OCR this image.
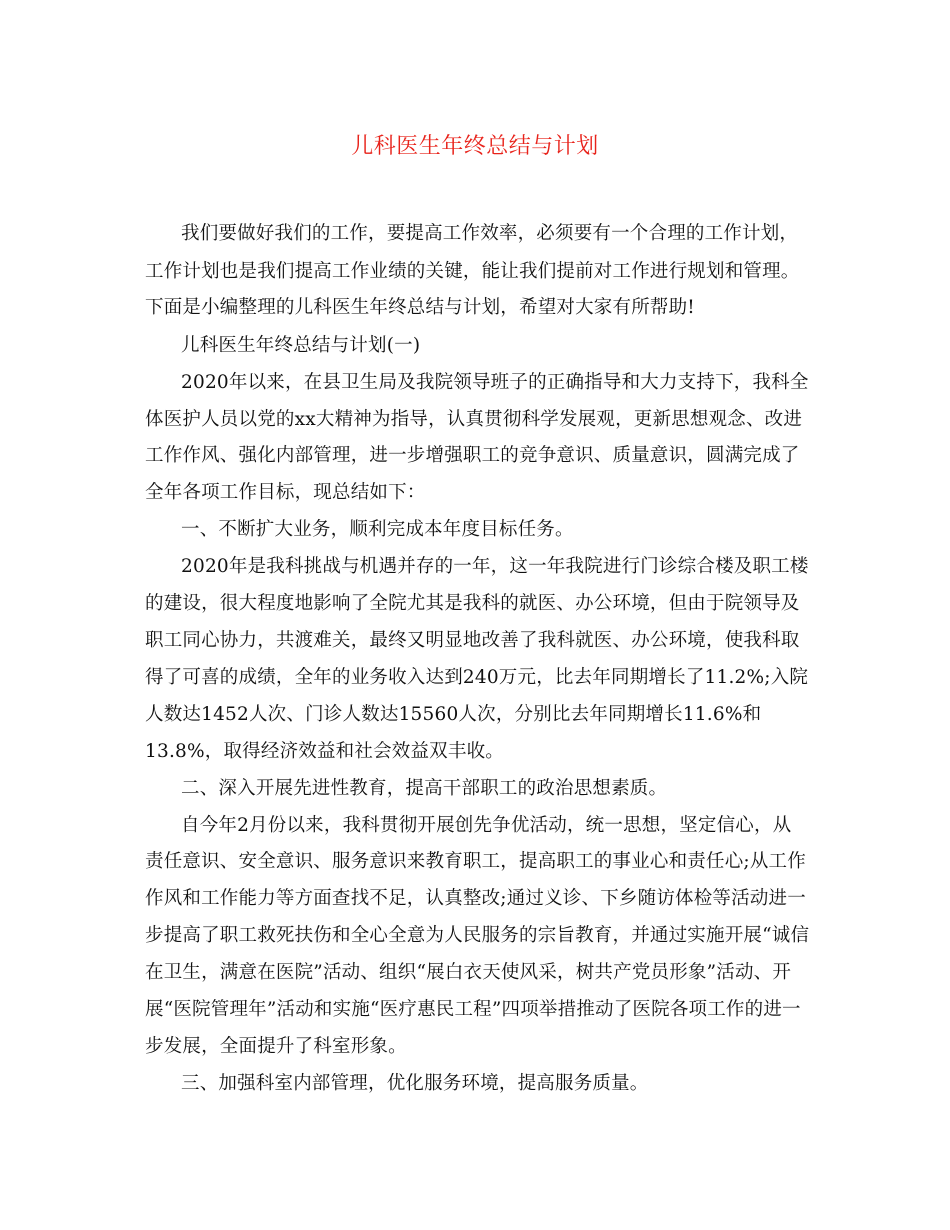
儿科医生年终总结与计划
我们要做好我们的工作，要提高工作效率，必须要有一个合理的工作计划，
工作计划也是我们提高工作业绩的关键，能让我们提前对工作进行规划和管理。
下面是小编整理的儿科医生年终总结与计划，希望对大家有所帮助!
儿科医生年终总结与计划(一)
2020年以来，在县卫生局及我院领导班子的正确指导和大力支持下，我科全
体医护人员以党的xx大精神为指导，认真贯彻科学发展观，更新思想观念、改进
工作作风、强化内部管理，进一步增强职工的竞争意识、质量意识，圆满完成了
全年各项工作目标，现总结如下：
一、不断扩大业务，顺利完成本年度目标任务。
2020年是我科挑战与机遇并存的一年，这一年我院进行门诊综合楼及职工楼
的建设，很大程度地影响了全院尤其是我科的就医、办公环境，但由于院领导及
职工同心协力，共渡难关，最终又明显地改善了我科就医、办公环境，使我科取
得了可喜的成绩，全年的业务收入达到240万元，比去年同期增长了11.2%;入院
人数达1452人次、门诊人数达15560人次，分别比去年同期增长11.6%和
13.8%，取得经济效益和社会效益双丰收。
二、深入开展先进性教育，提高干部职工的政治思想素质。
自今年2月份以来，我科贯彻开展创先争优活动，统一思想，坚定信心，从
责任意识、安全意识、服务意识来教育职工，提高职工的事业心和责任心;从工作
作风和工作能力等方面查找不足，认真整改;通过义诊、下乡随访体检等活动进一
步提高了职工救死扶伤和全心全意为人民服务的宗旨教育，并通过实施开展“诚信
在卫生，满意在医院”活动、组织“展白衣天使风采，树共产党员形象”活动、开
展“医院管理年”活动和实施“医疗惠民工程”四项举措推动了医院各项工作的进一
步发展，全面提升了科室形象。
三、加强科室内部管理，优化服务环境，提高服务质量。
